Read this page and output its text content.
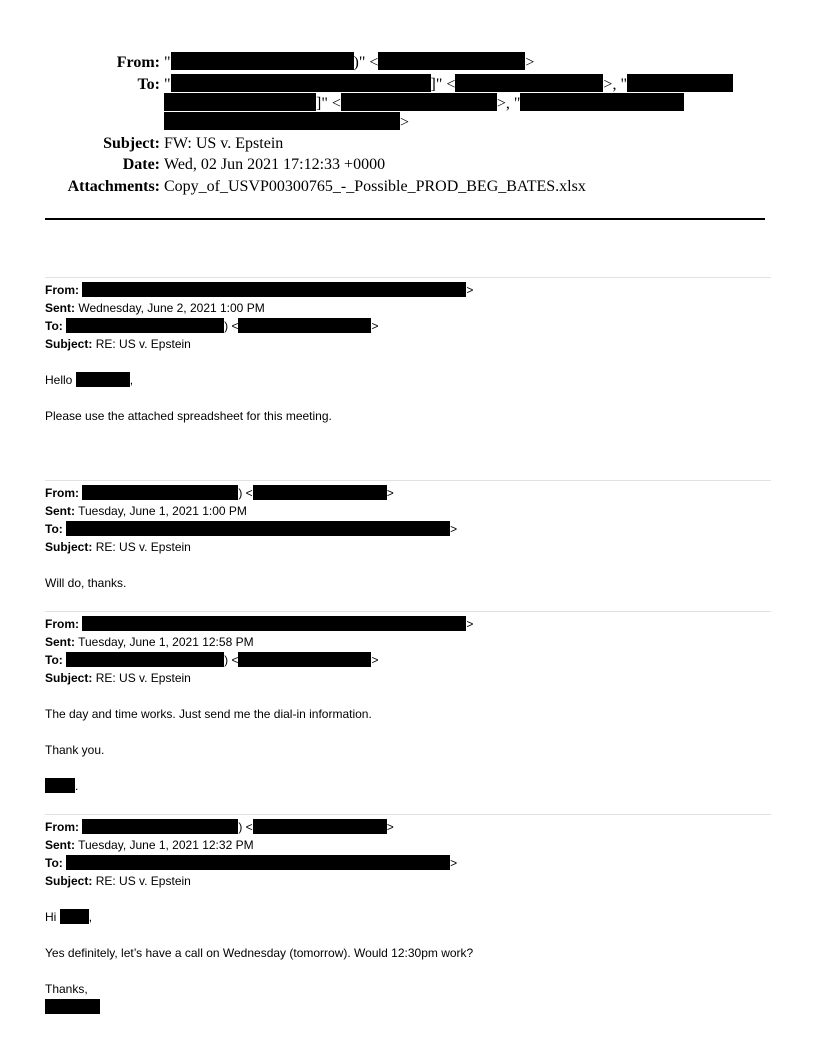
From: "	)" <	>
To: "	]" <	>, "
]" <	>, "
>
Subject: FW: US v. Epstein
Date: Wed, 02 Jun 2021 17:12:33 +0000
Attachments: Copy_of_USVP00300765_-_Possible_PROD_BEG_BATES.xlsx
From:	>
Sent: Wednesday, June 2, 2021 1:00 PM
To:	) <	>
Subject: RE: US v. Epstein
Hello	,
Please use the attached spreadsheet for this meeting.
From:	) <	>
Sent: Tuesday, June 1, 2021 1:00 PM
To:	>
Subject: RE: US v. Epstein
Will do, thanks.
From:	>
Sent: Tuesday, June 1, 2021 12:58 PM
To:	) <	>
Subject: RE: US v. Epstein
The day and time works. Just send me the dial-in information.
Thank you.
.
From:	) <	>
Sent: Tuesday, June 1, 2021 12:32 PM
To:	>
Subject: RE: US v. Epstein
Hi	,
Yes definitely, let’s have a call on Wednesday (tomorrow). Would 12:30pm work?
Thanks,
